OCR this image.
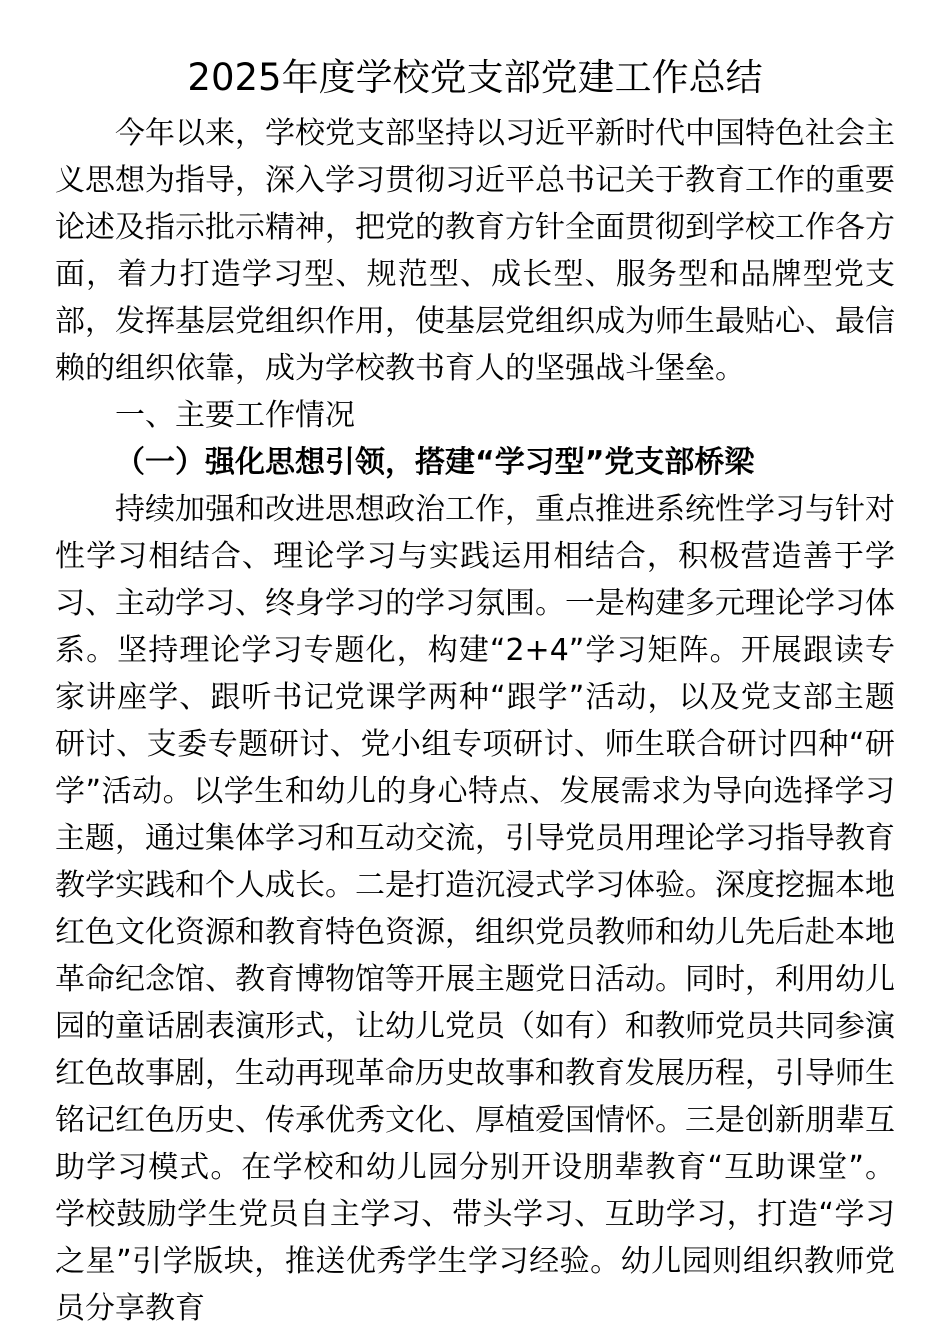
2025年度学校党支部党建工作总结

今年以来，学校党支部坚持以习近平新时代中国特色社会主义思想为指导，深入学习贯彻习近平总书记关于教育工作的重要论述及指示批示精神，把党的教育方针全面贯彻到学校工作各方面，着力打造学习型、规范型、成长型、服务型和品牌型党支部，发挥基层党组织作用，使基层党组织成为师生最贴心、最信赖的组织依靠，成为学校教书育人的坚强战斗堡垒。

一、主要工作情况

（一）强化思想引领，搭建“学习型”党支部桥梁

持续加强和改进思想政治工作，重点推进系统性学习与针对性学习相结合、理论学习与实践运用相结合，积极营造善于学习、主动学习、终身学习的学习氛围。一是构建多元理论学习体系。坚持理论学习专题化，构建“2+4”学习矩阵。开展跟读专家讲座学、跟听书记党课学两种“跟学”活动，以及党支部主题研讨、支委专题研讨、党小组专项研讨、师生联合研讨四种“研学”活动。以学生和幼儿的身心特点、发展需求为导向选择学习主题，通过集体学习和互动交流，引导党员用理论学习指导教育教学实践和个人成长。二是打造沉浸式学习体验。深度挖掘本地红色文化资源和教育特色资源，组织党员教师和幼儿先后赴本地革命纪念馆、教育博物馆等开展主题党日活动。同时，利用幼儿园的童话剧表演形式，让幼儿党员（如有）和教师党员共同参演红色故事剧，生动再现革命历史故事和教育发展历程，引导师生铭记红色历史、传承优秀文化、厚植爱国情怀。三是创新朋辈互助学习模式。在学校和幼儿园分别开设朋辈教育“互助课堂”。学校鼓励学生党员自主学习、带头学习、互助学习，打造“学习之星”引学版块，推送优秀学生学习经验。幼儿园则组织教师党员分享教育
